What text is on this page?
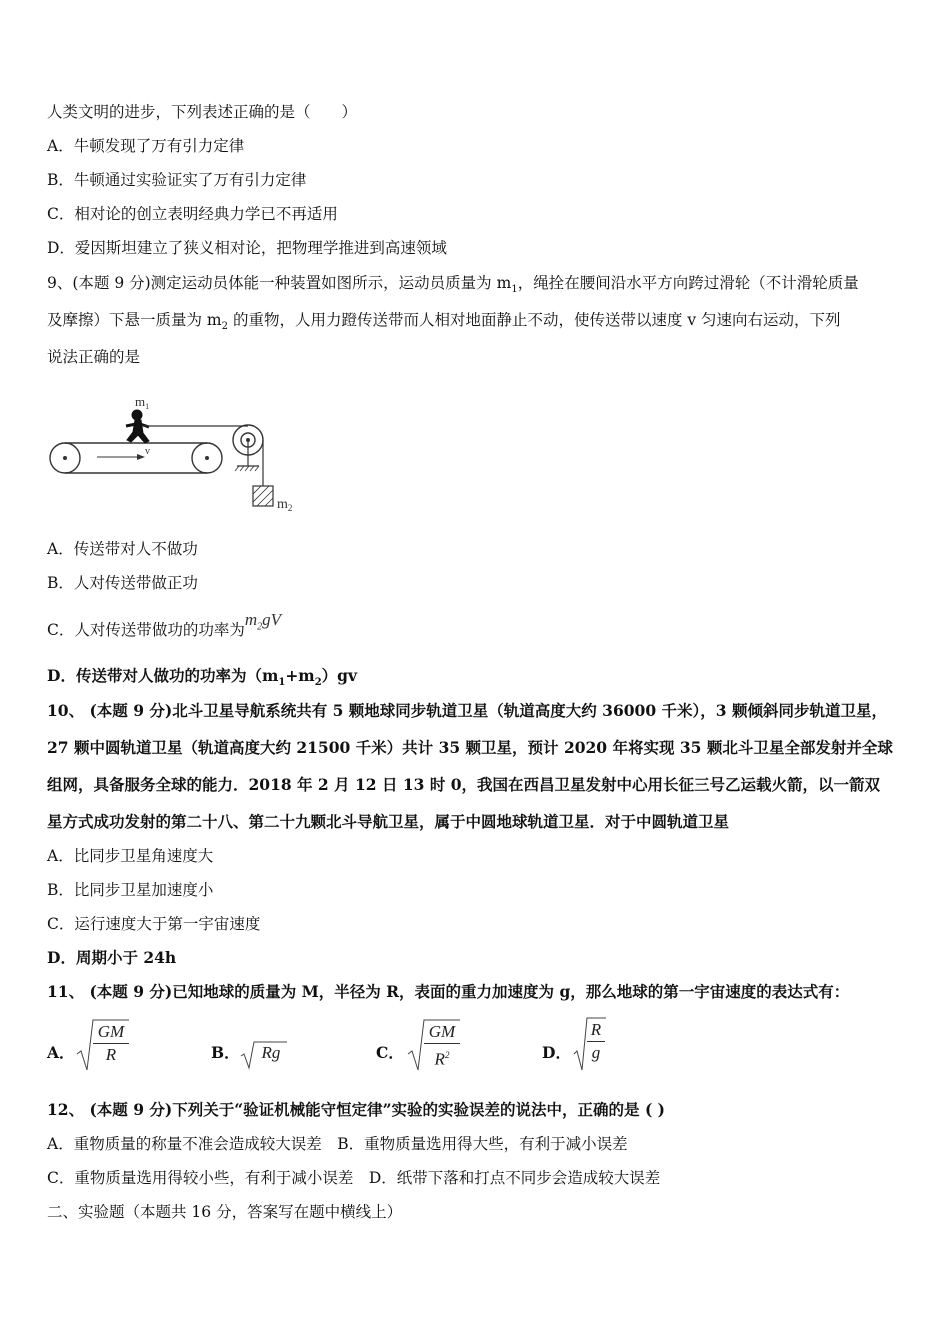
人类文明的进步，下列表述正确的是（　　）
A．牛顿发现了万有引力定律
B．牛顿通过实验证实了万有引力定律
C．相对论的创立表明经典力学已不再适用
D．爱因斯坦建立了狭义相对论，把物理学推进到高速领域
9、(本题 9 分)测定运动员体能一种装置如图所示，运动员质量为 $m_1$，绳拴在腰间沿水平方向跨过滑轮（不计滑轮质量
及摩擦）下悬一质量为 $m_2$ 的重物，人用力蹬传送带而人相对地面静止不动，使传送带以速度 v 匀速向右运动，下列
说法正确的是
v
$m_1$
$m_2$
A．传送带对人不做功
B．人对传送带做正功
C．人对传送带做功的功率为$m_2gV$
D．传送带对人做功的功率为$(m_1+m_2)gv$
10、 (本题 9 分)北斗卫星导航系统共有 5 颗地球同步轨道卫星（轨道高度大约 36000 千米），3 颗倾斜同步轨道卫星，
27 颗中圆轨道卫星（轨道高度大约 21500 千米）共计 35 颗卫星，预计 2020 年将实现 35 颗北斗卫星全部发射并全球
组网，具备服务全球的能力．2018 年 2 月 12 日 13 时 0，我国在西昌卫星发射中心用长征三号乙运载火箭，以一箭双
星方式成功发射的第二十八、第二十九颗北斗导航卫星，属于中圆地球轨道卫星．对于中圆轨道卫星
A．比同步卫星角速度大
B．比同步卫星加速度小
C．运行速度大于第一宇宙速度
D．周期小于 24h
11、 (本题 9 分)已知地球的质量为 M，半径为 R，表面的重力加速度为 g，那么地球的第一宇宙速度的表达式有：
A．
GM
R	B．	Rg	C．
GM
$R^2$	D．
R
g
12、 (本题 9 分)下列关于“验证机械能守恒定律”实验的实验误差的说法中，正确的是 ( )
A．重物质量的称量不准会造成较大误差　B．重物质量选用得大些，有利于减小误差
C．重物质量选用得较小些，有利于减小误差　D．纸带下落和打点不同步会造成较大误差
二、实验题（本题共 16 分，答案写在题中横线上）
